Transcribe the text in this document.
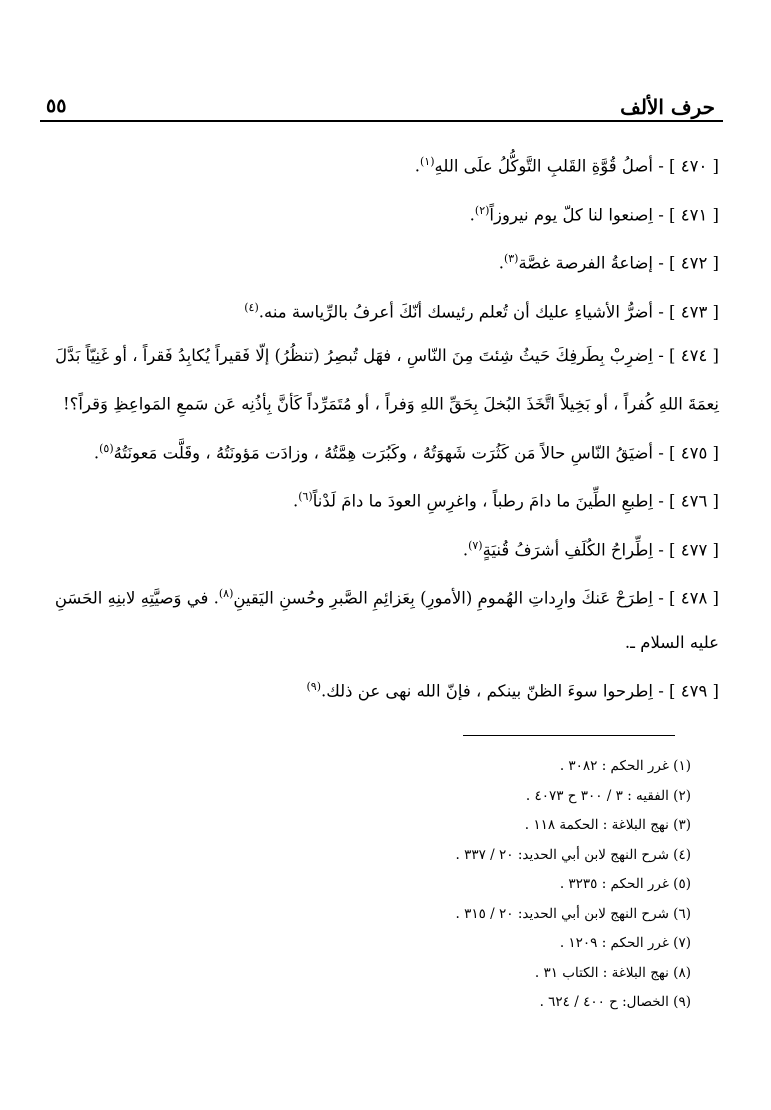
حرف الألف
٥٥

[ ٤٧٠ ] - أصلُ قُوَّةِ القَلبِ التَّوكُّلُ علَى اللهِ$^{(١)}$.

[ ٤٧١ ] - اِصنعوا لنا كلّ يوم نيروزاً$^{(٢)}$.

[ ٤٧٢ ] - إضاعةُ الفرصة غصَّة$^{(٣)}$.

[ ٤٧٣ ] - أضرُّ الأشياءِ عليك أن تُعلم رئيسك أنّكَ أعرفُ بالرِّياسة منه.$^{(٤)}$

[ ٤٧٤ ] - اِضرِبْ بِطَرفِكَ حَيثُ شِئتَ مِنَ النّاسِ ، فهَل تُبصِرُ (تنظُرُ) إلّا فَقيراً يُكابِدُ فَقراً ، أو غَنِيّاً بَدَّلَ نِعمَةَ اللهِ كُفراً ، أو بَخِيلاً اتَّخَذَ البُخلَ بِحَقِّ اللهِ وَفراً ، أو مُتَمَرِّداً كَأنَّ بِأذُنِه عَن سَمعِ المَواعِظِ وَقراً؟!

[ ٤٧٥ ] - أضيَقُ النّاسِ حالاً مَن كَثُرَت شَهوَتُهُ ، وكَبُرَت هِمَّتُهُ ، وزادَت مَؤونَتُهُ ، وقَلَّت مَعونَتُهُ$^{(٥)}$.

[ ٤٧٦ ] - اِطبعِ الطِّينَ ما دامَ رطباً ، واغرِسِ العودَ ما دامَ لَدْناً$^{(٦)}$.

[ ٤٧٧ ] - اِطِّراحُ الكُلَفِ أشرَفُ قُنيَةٍ$^{(٧)}$.

[ ٤٧٨ ] - اِطرَحْ عَنكَ وارِداتِ الهُمومِ (الأمورِ) بِعَزائِمِ الصَّبرِ وحُسنِ اليَقينِ$^{(٨)}$. في وَصيَّتِهِ لابنِهِ الحَسَنِ عليه السلام ـ.

[ ٤٧٩ ] - اِطرحوا سوءَ الظنّ بينكم ، فإنّ الله نهى عن ذلك.$^{(٩)}$

(١) غرر الحكم : ٣٠٨٢ .

(٢) الفقيه : ٣ / ٣٠٠ ح ٤٠٧٣ .

(٣) نهج البلاغة : الحكمة ١١٨ .

(٤) شرح النهج لابن أبي الحديد: ٢٠ / ٣٣٧ .

(٥) غرر الحكم : ٣٢٣٥ .

(٦) شرح النهج لابن أبي الحديد: ٢٠ / ٣١٥ .

(٧) غرر الحكم : ١٢٠٩ .

(٨) نهج البلاغة : الكتاب ٣١ .

(٩) الخصال: ح ٤٠٠ / ٦٢٤ .
